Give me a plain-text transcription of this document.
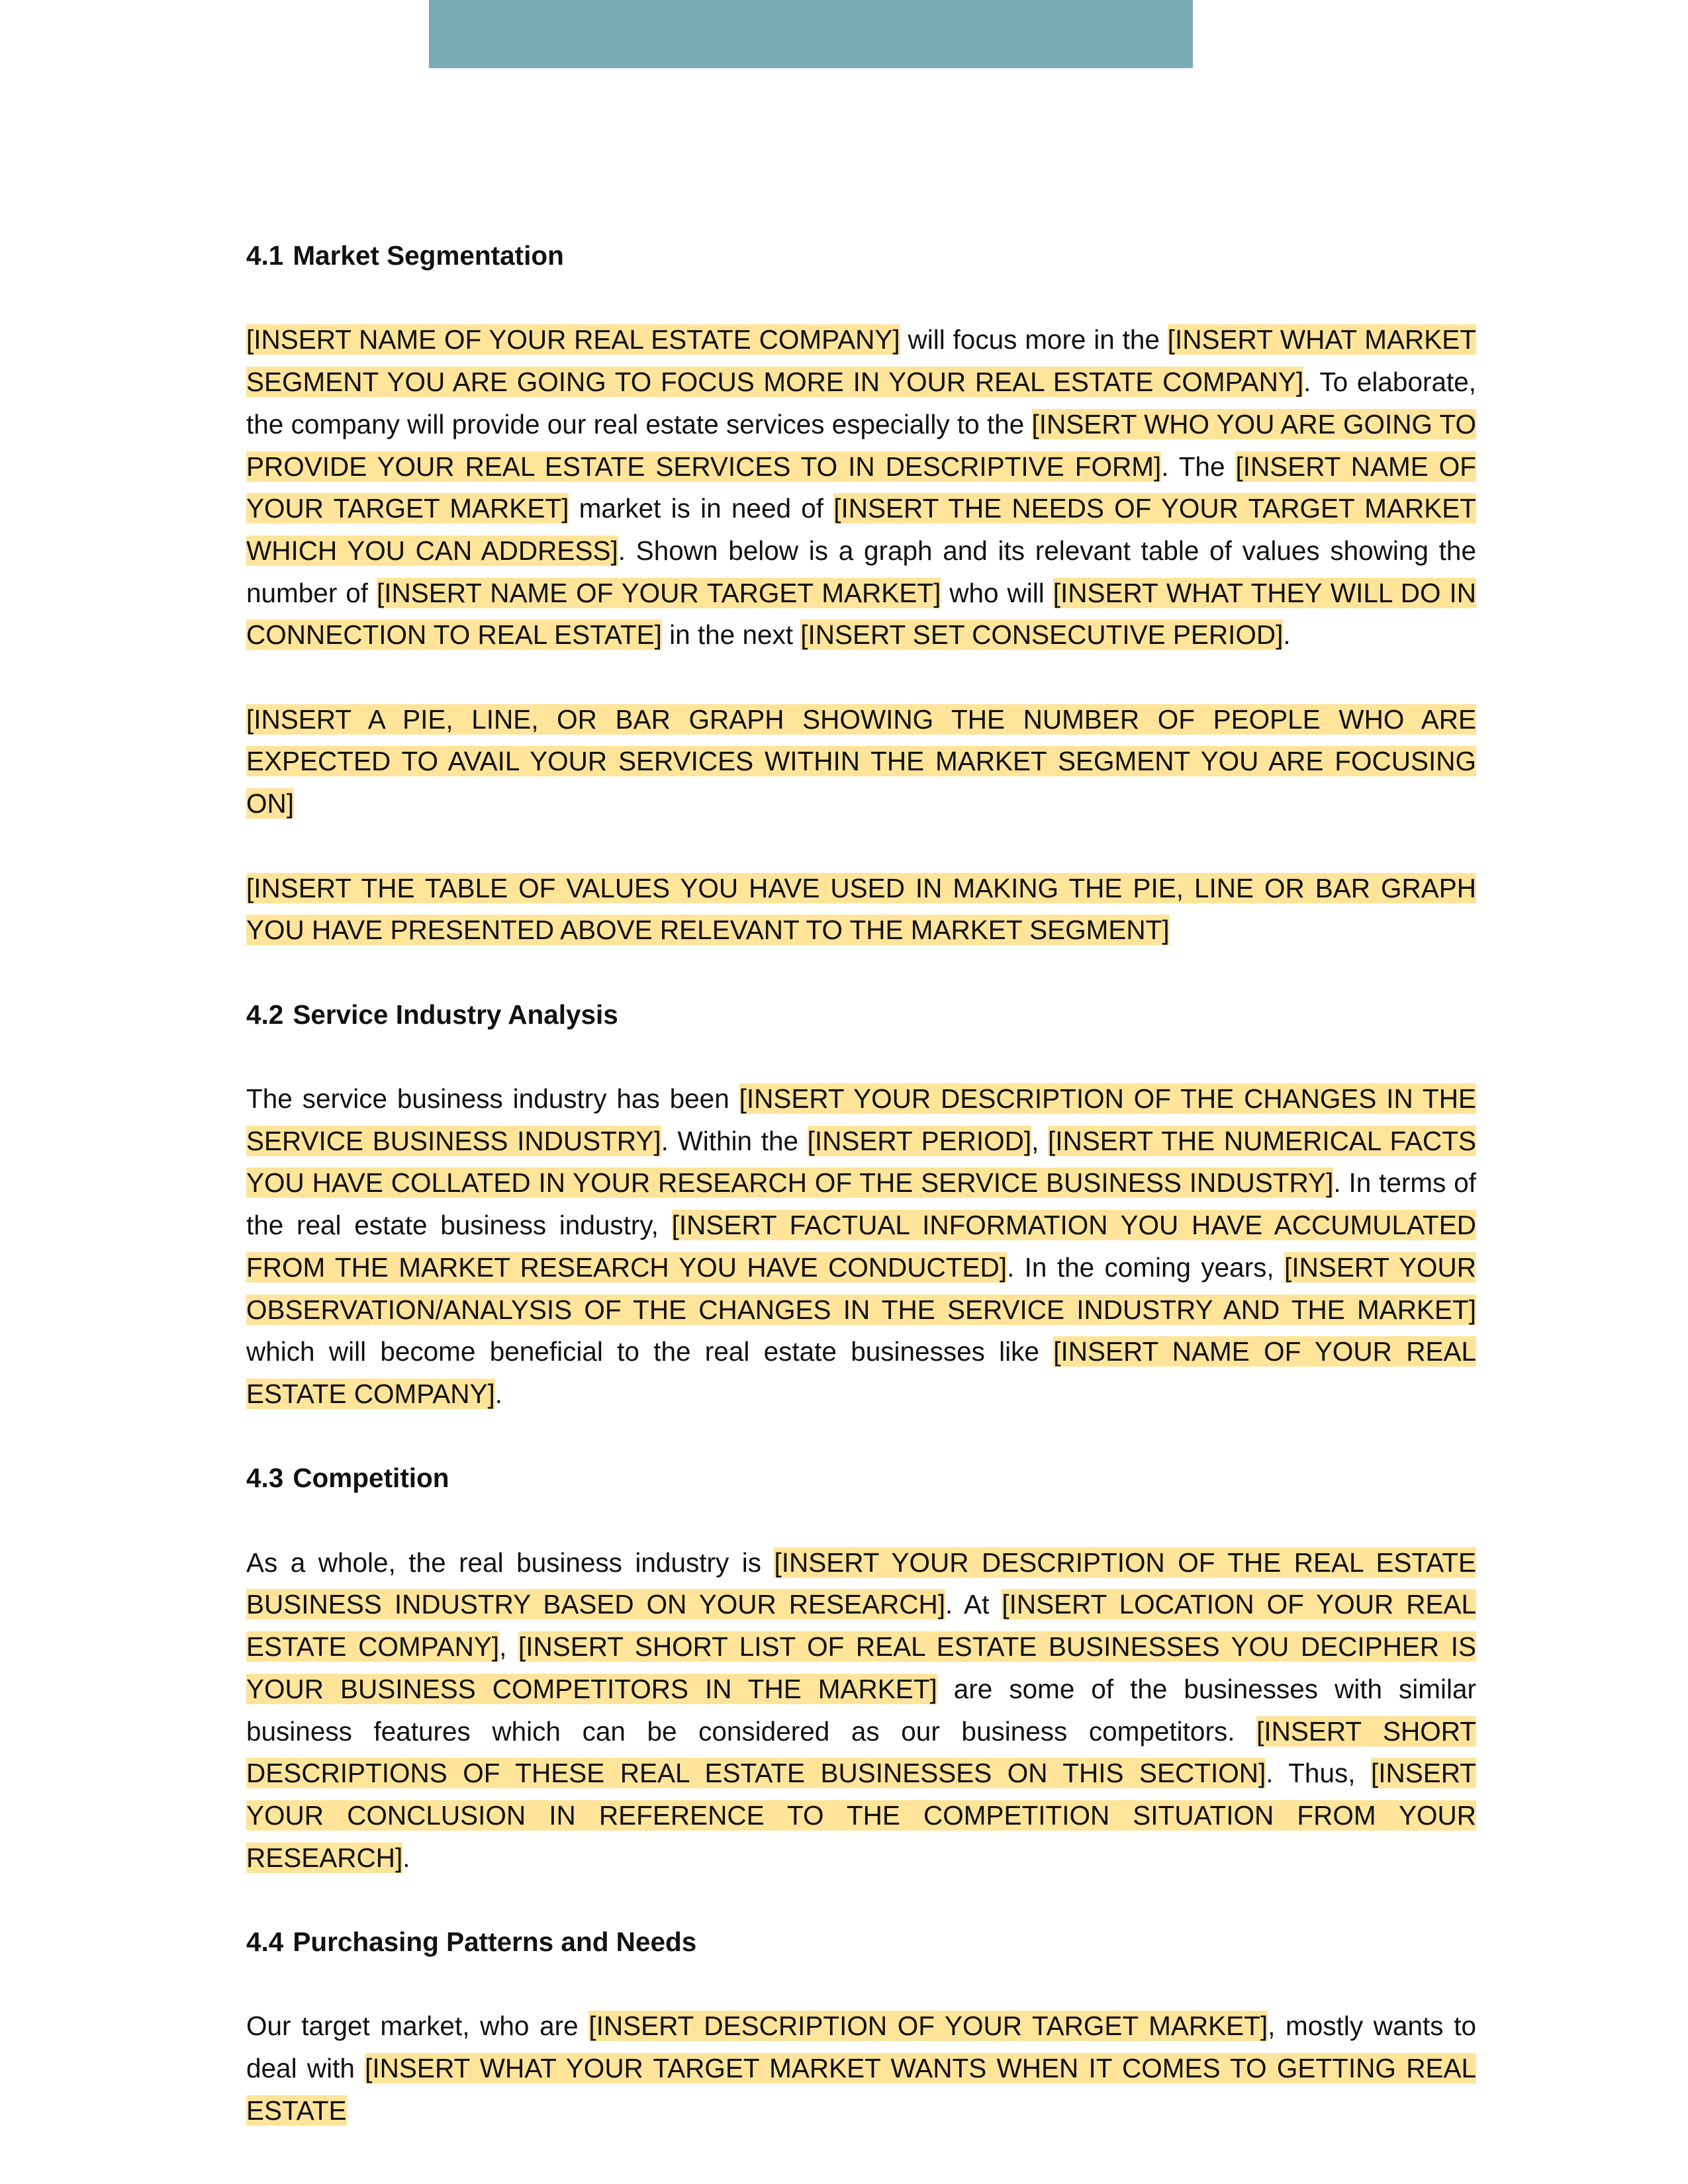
4.1 Market Segmentation

[INSERT NAME OF YOUR REAL ESTATE COMPANY] will focus more in the [INSERT WHAT MARKET SEGMENT YOU ARE GOING TO FOCUS MORE IN YOUR REAL ESTATE COMPANY]. To elaborate, the company will provide our real estate services especially to the [INSERT WHO YOU ARE GOING TO PROVIDE YOUR REAL ESTATE SERVICES TO IN DESCRIPTIVE FORM]. The [INSERT NAME OF YOUR TARGET MARKET] market is in need of [INSERT THE NEEDS OF YOUR TARGET MARKET WHICH YOU CAN ADDRESS]. Shown below is a graph and its relevant table of values showing the number of [INSERT NAME OF YOUR TARGET MARKET] who will [INSERT WHAT THEY WILL DO IN CONNECTION TO REAL ESTATE] in the next [INSERT SET CONSECUTIVE PERIOD].

[INSERT A PIE, LINE, OR BAR GRAPH SHOWING THE NUMBER OF PEOPLE WHO ARE EXPECTED TO AVAIL YOUR SERVICES WITHIN THE MARKET SEGMENT YOU ARE FOCUSING ON]

[INSERT THE TABLE OF VALUES YOU HAVE USED IN MAKING THE PIE, LINE OR BAR GRAPH YOU HAVE PRESENTED ABOVE RELEVANT TO THE MARKET SEGMENT]

4.2 Service Industry Analysis

The service business industry has been [INSERT YOUR DESCRIPTION OF THE CHANGES IN THE SERVICE BUSINESS INDUSTRY]. Within the [INSERT PERIOD], [INSERT THE NUMERICAL FACTS YOU HAVE COLLATED IN YOUR RESEARCH OF THE SERVICE BUSINESS INDUSTRY]. In terms of the real estate business industry, [INSERT FACTUAL INFORMATION YOU HAVE ACCUMULATED FROM THE MARKET RESEARCH YOU HAVE CONDUCTED]. In the coming years, [INSERT YOUR OBSERVATION/ANALYSIS OF THE CHANGES IN THE SERVICE INDUSTRY AND THE MARKET] which will become beneficial to the real estate businesses like [INSERT NAME OF YOUR REAL ESTATE COMPANY].

4.3 Competition

As a whole, the real business industry is [INSERT YOUR DESCRIPTION OF THE REAL ESTATE BUSINESS INDUSTRY BASED ON YOUR RESEARCH]. At [INSERT LOCATION OF YOUR REAL ESTATE COMPANY], [INSERT SHORT LIST OF REAL ESTATE BUSINESSES YOU DECIPHER IS YOUR BUSINESS COMPETITORS IN THE MARKET] are some of the businesses with similar business features which can be considered as our business competitors. [INSERT SHORT DESCRIPTIONS OF THESE REAL ESTATE BUSINESSES ON THIS SECTION]. Thus, [INSERT YOUR CONCLUSION IN REFERENCE TO THE COMPETITION SITUATION FROM YOUR RESEARCH].

4.4 Purchasing Patterns and Needs

Our target market, who are [INSERT DESCRIPTION OF YOUR TARGET MARKET], mostly wants to deal with [INSERT WHAT YOUR TARGET MARKET WANTS WHEN IT COMES TO GETTING REAL ESTATE
